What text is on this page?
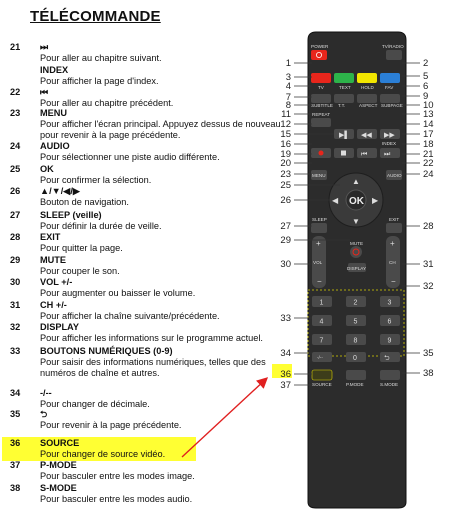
TÉLÉCOMMANDE
21 ⏭
Pour aller au chapitre suivant.
INDEX
Pour afficher la page d'index.
22 ⏮
Pour aller au chapitre précédent.
23 MENU
Pour afficher l'écran principal. Appuyez dessus de nouveau pour revenir à la page précédente.
24 AUDIO
Pour sélectionner une piste audio différente.
25 OK
Pour confirmer la sélection.
26 ▲/▼/◀/▶
Bouton de navigation.
27 SLEEP (veille)
Pour définir la durée de veille.
28 EXIT
Pour quitter la page.
29 MUTE
Pour couper le son.
30 VOL +/-
Pour augmenter ou baisser le volume.
31 CH +/-
Pour afficher la chaîne suivante/précédente.
32 DISPLAY
Pour afficher les informations sur le programme actuel.
33 BOUTONS NUMÉRIQUES (0-9)
Pour saisir des informations numériques, telles que des numéros de chaîne et autres.
34 -/--
Pour changer de décimale.
35 ⮌
Pour revenir à la page précédente.
36 SOURCE
Pour changer de source vidéo.
37 P-MODE
Pour basculer entre les modes image.
38 S-MODE
Pour basculer entre les modes audio.
POWER	TV/RADIO
TV	TEXT HOLD FAV
SUBTITLE T.T.	ASPECT SUBPAGE
REPEAT
▶▌ ◀◀ ▶▶
INDEX
⏮ ⏭
MENU	AUDIO
OK
▲
▼
◀	▶
SLEEP	EXIT
MUTE
+
−
VOL
+
−
CH
DISPLAY
1	2	3
4	5	6
7	8	9
-/--	0	⮌
SOURCE	P.MODE	S.MODE
1
3
4
7
8
11
12
15
16
19
20
23
25
26
27
29
30
33
34
36
37
2
5
6
9
10
13
14
17
18
21
22
24
28
31
32
35
38
